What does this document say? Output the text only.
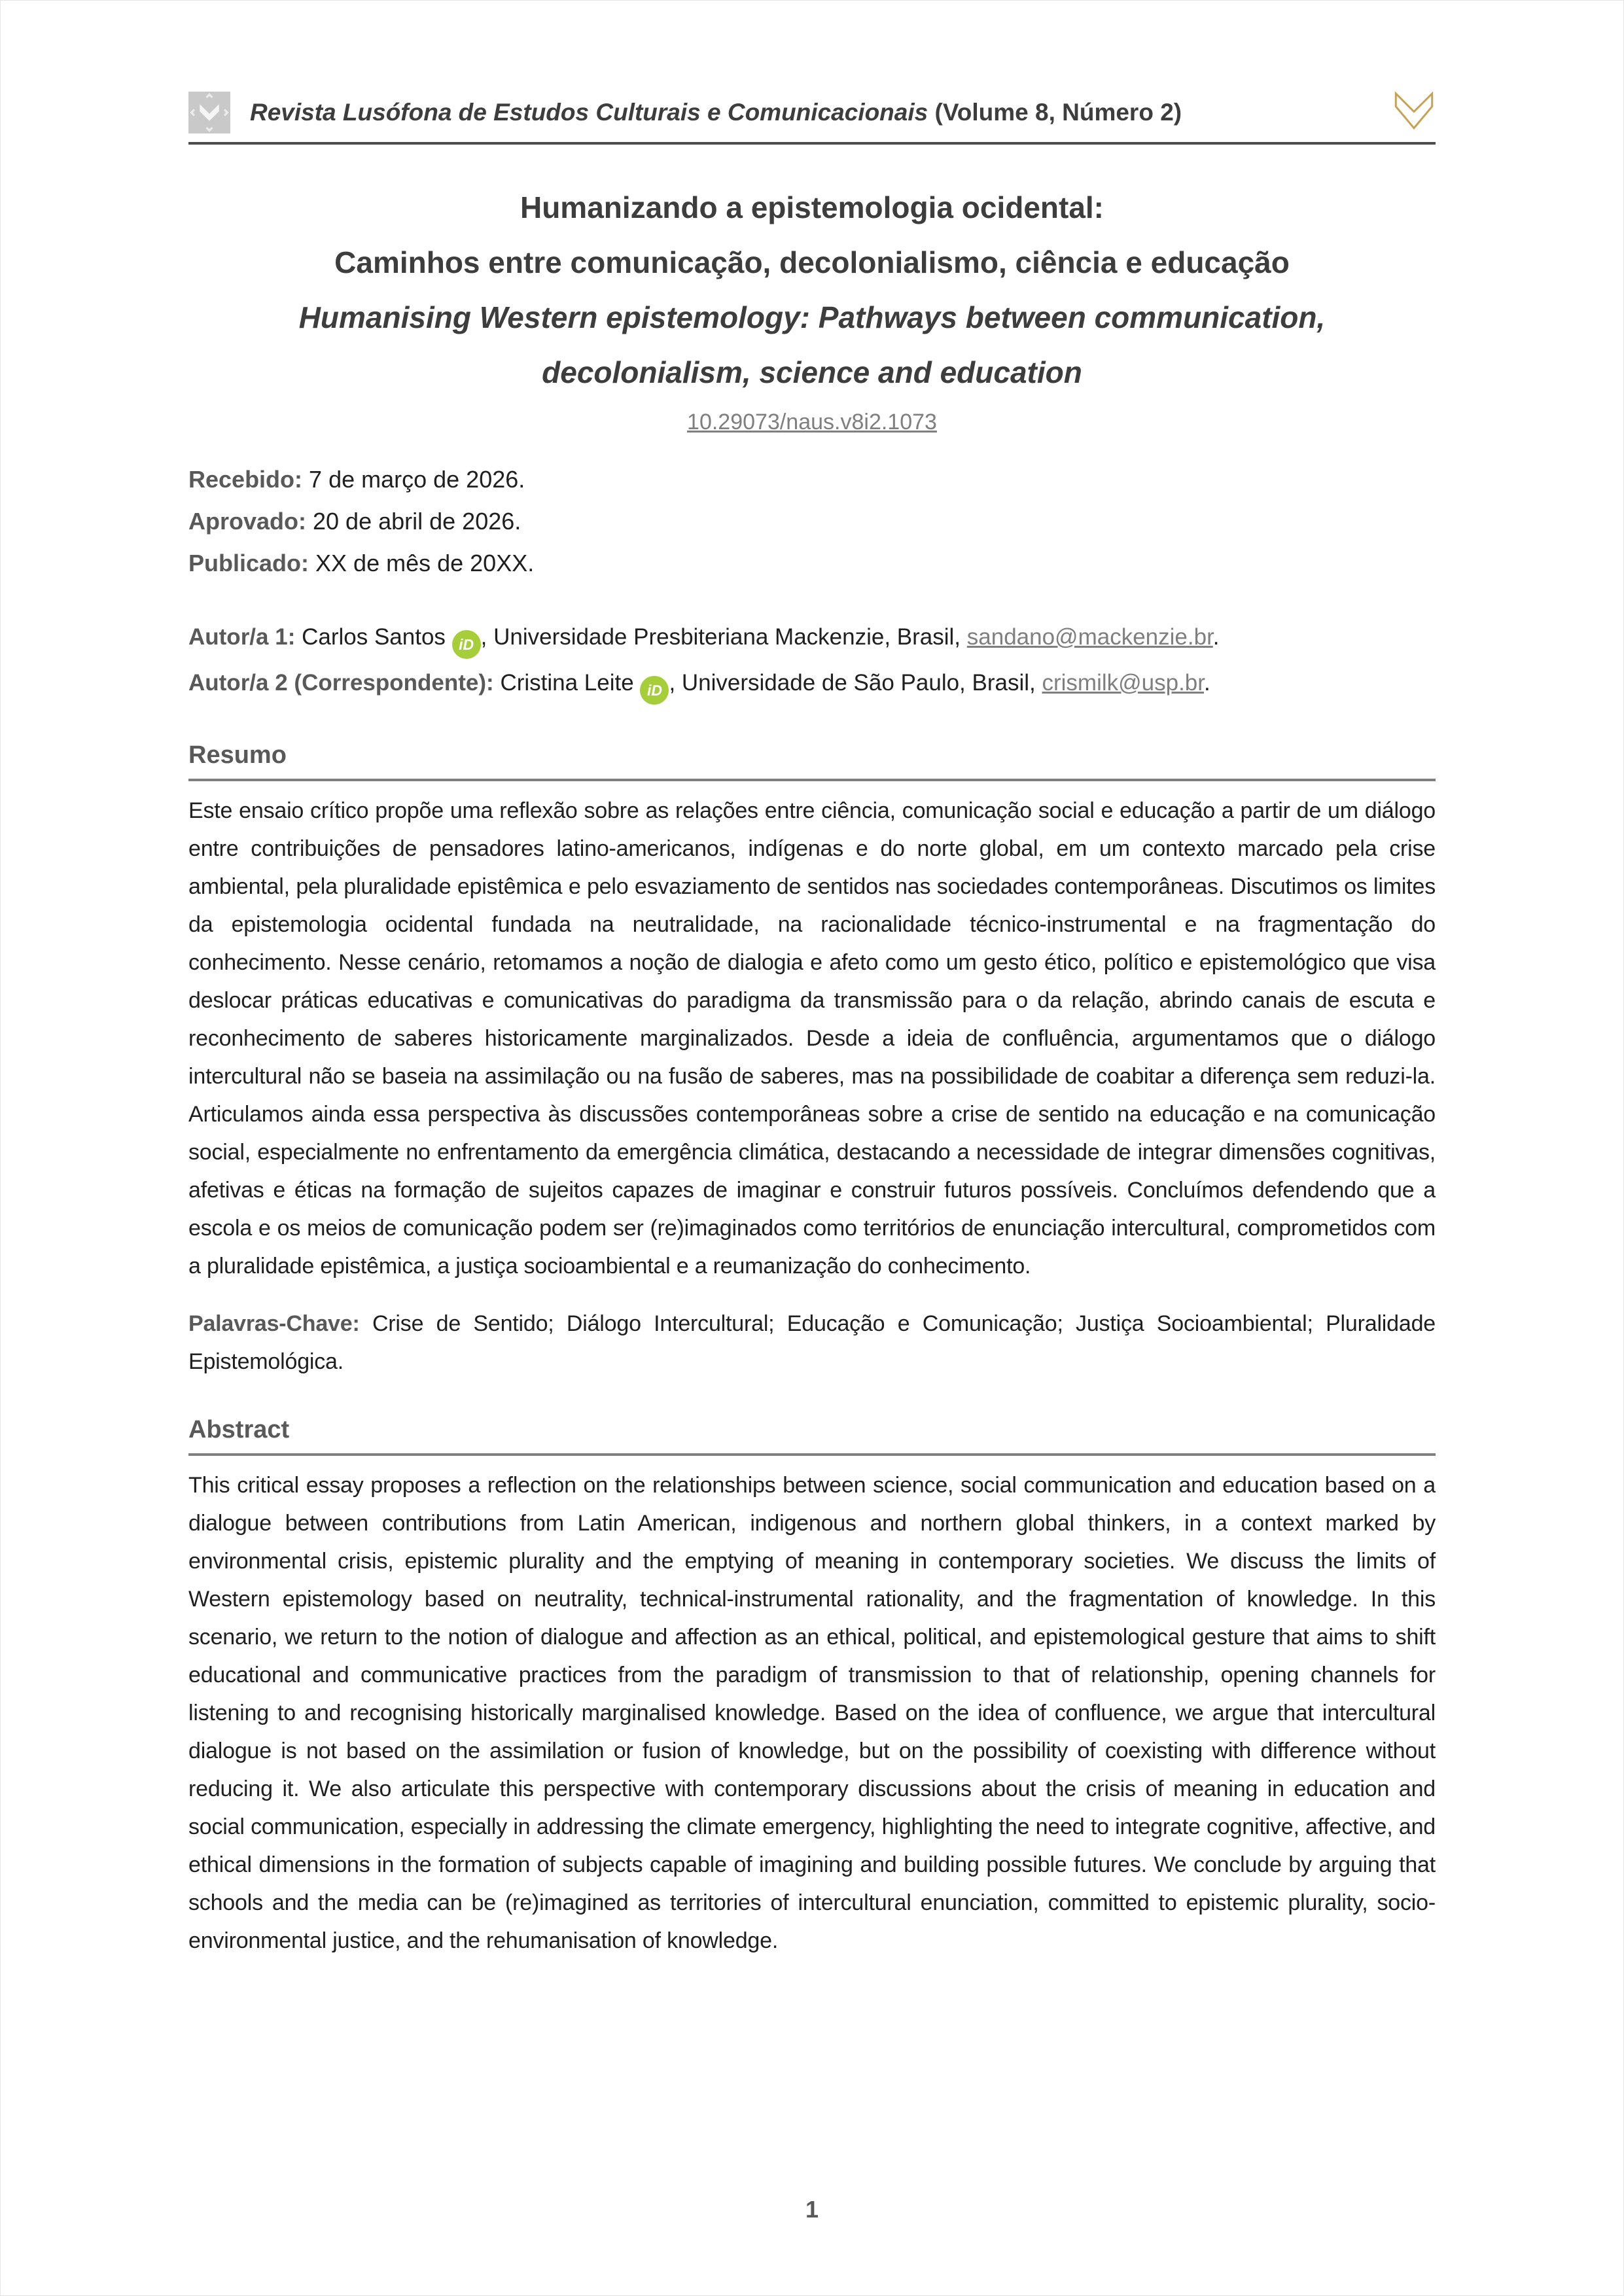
Revista Lusófona de Estudos Culturais e Comunicacionais (Volume 8, Número 2)

Humanizando a epistemologia ocidental:

Caminhos entre comunicação, decolonialismo, ciência e educação

Humanising Western epistemology: Pathways between communication,

decolonialism, science and education

10.29073/naus.v8i2.1073

Recebido: 7 de março de 2026.

Aprovado: 20 de abril de 2026.

Publicado: XX de mês de 20XX.

Autor/a 1: Carlos Santos iD , Universidade Presbiteriana Mackenzie, Brasil, sandano@mackenzie.br.

Autor/a 2 (Correspondente): Cristina Leite iD , Universidade de São Paulo, Brasil, crismilk@usp.br.

Resumo

Este ensaio crítico propõe uma reflexão sobre as relações entre ciência, comunicação social e educação a partir de um diálogo entre contribuições de pensadores latino-americanos, indígenas e do norte global, em um contexto marcado pela crise ambiental, pela pluralidade epistêmica e pelo esvaziamento de sentidos nas sociedades contemporâneas. Discutimos os limites da epistemologia ocidental fundada na neutralidade, na racionalidade técnico-instrumental e na fragmentação do conhecimento. Nesse cenário, retomamos a noção de dialogia e afeto como um gesto ético, político e epistemológico que visa deslocar práticas educativas e comunicativas do paradigma da transmissão para o da relação, abrindo canais de escuta e reconhecimento de saberes historicamente marginalizados. Desde a ideia de confluência, argumentamos que o diálogo intercultural não se baseia na assimilação ou na fusão de saberes, mas na possibilidade de coabitar a diferença sem reduzi-la. Articulamos ainda essa perspectiva às discussões contemporâneas sobre a crise de sentido na educação e na comunicação social, especialmente no enfrentamento da emergência climática, destacando a necessidade de integrar dimensões cognitivas, afetivas e éticas na formação de sujeitos capazes de imaginar e construir futuros possíveis. Concluímos defendendo que a escola e os meios de comunicação podem ser (re)imaginados como territórios de enunciação intercultural, comprometidos com a pluralidade epistêmica, a justiça socioambiental e a reumanização do conhecimento.

Palavras-Chave: Crise de Sentido; Diálogo Intercultural; Educação e Comunicação; Justiça Socioambiental; Pluralidade Epistemológica.

Abstract

This critical essay proposes a reflection on the relationships between science, social communication and education based on a dialogue between contributions from Latin American, indigenous and northern global thinkers, in a context marked by environmental crisis, epistemic plurality and the emptying of meaning in contemporary societies. We discuss the limits of Western epistemology based on neutrality, technical-instrumental rationality, and the fragmentation of knowledge. In this scenario, we return to the notion of dialogue and affection as an ethical, political, and epistemological gesture that aims to shift educational and communicative practices from the paradigm of transmission to that of relationship, opening channels for listening to and recognising historically marginalised knowledge. Based on the idea of confluence, we argue that intercultural dialogue is not based on the assimilation or fusion of knowledge, but on the possibility of coexisting with difference without reducing it. We also articulate this perspective with contemporary discussions about the crisis of meaning in education and social communication, especially in addressing the climate emergency, highlighting the need to integrate cognitive, affective, and ethical dimensions in the formation of subjects capable of imagining and building possible futures. We conclude by arguing that schools and the media can be (re)imagined as territories of intercultural enunciation, committed to epistemic plurality, socio-environmental justice, and the rehumanisation of knowledge.

1
